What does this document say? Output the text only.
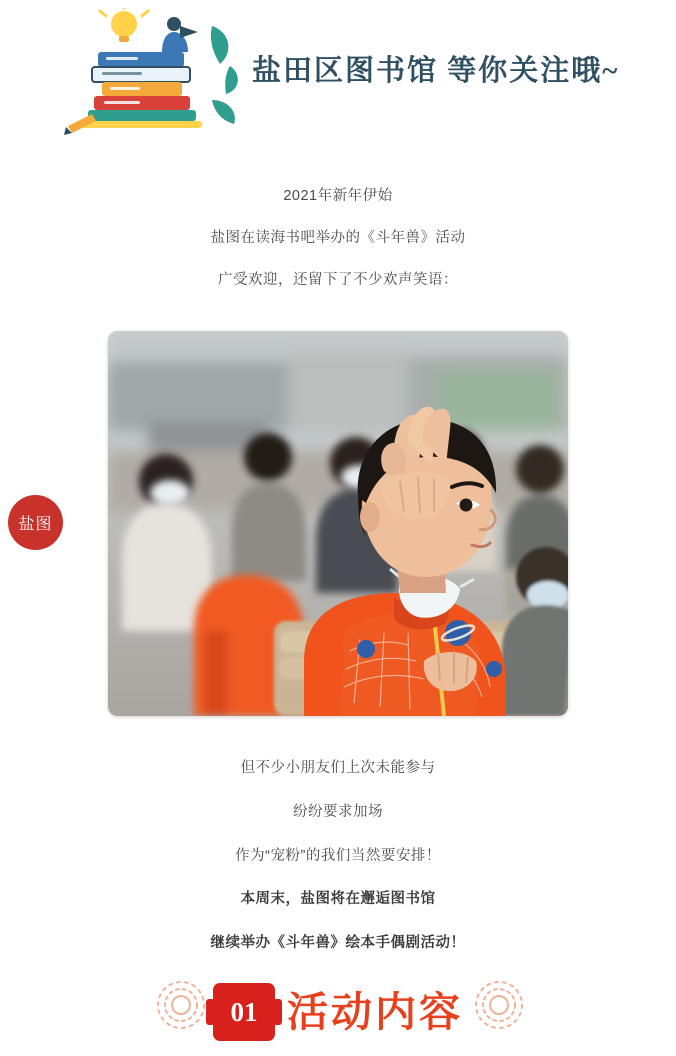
盐田区图书馆 等你关注哦~
盐图

2021年新年伊始

盐图在读海书吧举办的《斗年兽》活动

广受欢迎，还留下了不少欢声笑语：

但不少小朋友们上次未能参与

纷纷要求加场

作为“宠粉”的我们当然要安排！

本周末，盐图将在邂逅图书馆

继续举办《斗年兽》绘本手偶剧活动！

01 活动内容
